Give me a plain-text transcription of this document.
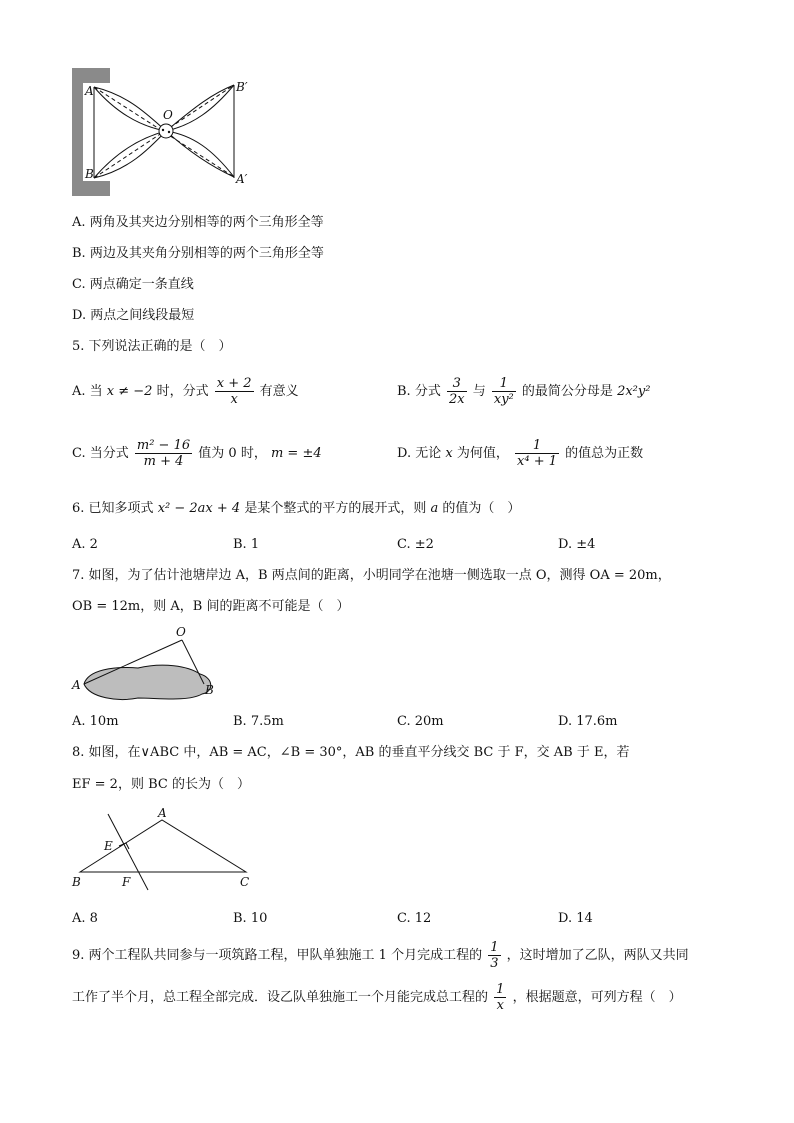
A
B
O
B′
A′
A. 两角及其夹边分别相等的两个三角形全等
B. 两边及其夹角分别相等的两个三角形全等
C. 两点确定一条直线
D. 两点之间线段最短
5. 下列说法正确的是（　）
A. 当 x ≠ −2 时，分式 $\frac{x + 2}{x}$ 有意义	B. 分式 $\frac{3}{2x}$ 与 $\frac{1}{\text{xy²}}$ 的最简公分母是 2x²y²
C. 当分式 $\frac{\text{m² − 16}}{m + 4}$ 值为 0 时， m = ±4	D. 无论 x 为何值， $\frac{1}{\text{x⁴ + 1}}$ 的值总为正数
6. 已知多项式 x² − 2ax + 4 是某个整式的平方的展开式，则 a 的值为（　）
A. 2	B. 1	C. ±2	D. ±4
7. 如图，为了估计池塘岸边 A，B 两点间的距离，小明同学在池塘一侧选取一点 O，测得 OA = 20m，
OB = 12m，则 A，B 间的距离不可能是（　）
O
A	B
A. 10m	B. 7.5m	C. 20m	D. 17.6m
8. 如图，在∨ABC 中，AB = AC，∠B = 30°，AB 的垂直平分线交 BC 于 F，交 AB 于 E，若
EF = 2，则 BC 的长为（　）
A
E
B	F	C
A. 8	B. 10	C. 12	D. 14
9. 两个工程队共同参与一项筑路工程，甲队单独施工 1 个月完成工程的 $\frac{1}{3}$ ，这时增加了乙队，两队又共同
工作了半个月，总工程全部完成．设乙队单独施工一个月能完成总工程的 $\frac{1}{x}$ ，根据题意，可列方程（　）
